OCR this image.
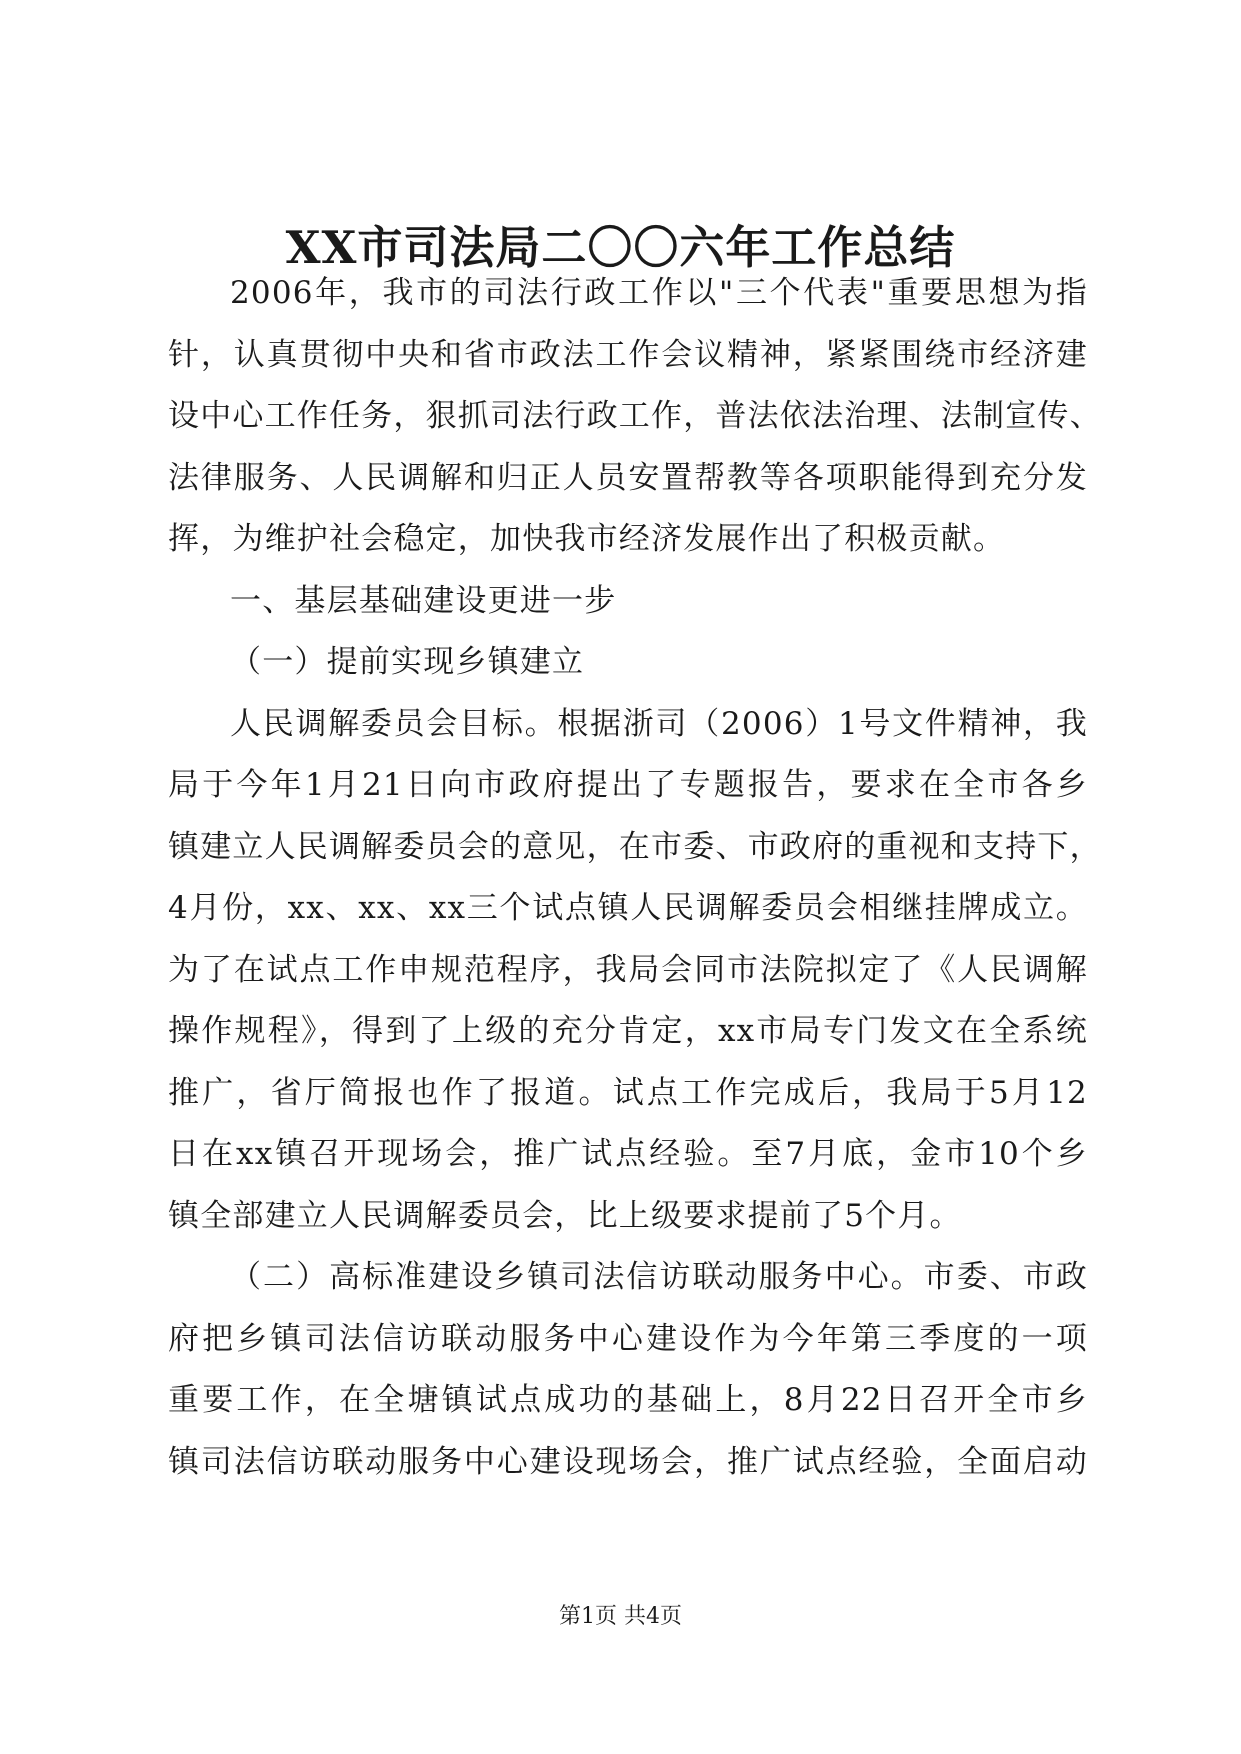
XX市司法局二〇〇六年工作总结
2006年，我市的司法行政工作以"三个代表"重要思想为指
针，认真贯彻中央和省市政法工作会议精神，紧紧围绕市经济建
设中心工作任务，狠抓司法行政工作，普法依法治理、法制宣传、
法律服务、人民调解和归正人员安置帮教等各项职能得到充分发
挥，为维护社会稳定，加快我市经济发展作出了积极贡献。
一、基层基础建设更进一步
（一）提前实现乡镇建立
人民调解委员会目标。根据浙司（2006）1号文件精神，我
局于今年1月21日向市政府提出了专题报告，要求在全市各乡
镇建立人民调解委员会的意见，在市委、市政府的重视和支持下，
4月份，xx、xx、xx三个试点镇人民调解委员会相继挂牌成立。
为了在试点工作申规范程序，我局会同市法院拟定了《人民调解
操作规程》，得到了上级的充分肯定，xx市局专门发文在全系统
推广，省厅简报也作了报道。试点工作完成后，我局于5月12
日在xx镇召开现场会，推广试点经验。至7月底，金市10个乡
镇全部建立人民调解委员会，比上级要求提前了5个月。
（二）高标准建设乡镇司法信访联动服务中心。市委、市政
府把乡镇司法信访联动服务中心建设作为今年第三季度的一项
重要工作，在全塘镇试点成功的基础上，8月22日召开全市乡
镇司法信访联动服务中心建设现场会，推广试点经验，全面启动
第1页 共4页
